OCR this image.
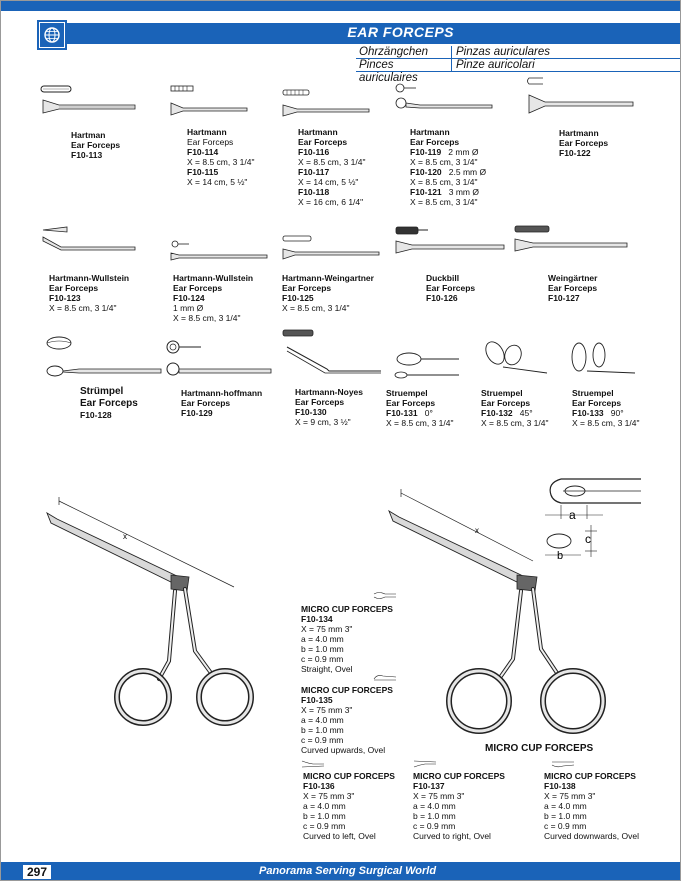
EAR FORCEPS
Ohrzängchen	Pinzas auriculares
Pinces auriculaires
Pinze auricolari
Hartman
Ear Forceps
F10-113
Hartmann
Ear Forceps
F10-114
X = 8.5 cm, 3 1/4"
F10-115
X = 14 cm, 5 ½"
Hartmann
Ear Forceps
F10-116
X = 8.5 cm, 3 1/4"
F10-117
X = 14 cm, 5 ½"
F10-118
X = 16 cm, 6 1/4"
Hartmann
Ear Forceps
F10-119 2 mm Ø
X = 8.5 cm, 3 1/4"
F10-120 2.5 mm Ø
X = 8.5 cm, 3 1/4"
F10-121 3 mm Ø
X = 8.5 cm, 3 1/4"
Hartmann
Ear Forceps
F10-122
Hartmann-Wullstein
Ear Forceps
F10-123
X = 8.5 cm, 3 1/4"
Hartmann-Wullstein
Ear Forceps
F10-124
1 mm Ø
X = 8.5 cm, 3 1/4"
Hartmann-Weingartner
Ear Forceps
F10-125
X = 8.5 cm, 3 1/4"
Duckbill
Ear Forceps
F10-126
Weingärtner
Ear Forceps
F10-127
Strümpel
Ear Forceps
F10-128
Hartmann-hoffmann
Ear Forceps
F10-129
Hartmann-Noyes
Ear Forceps
F10-130
X = 9 cm, 3 ½"
Struempel
Ear Forceps
F10-131 0°
X = 8.5 cm, 3 1/4"
Struempel
Ear Forceps
F10-132 45°
X = 8.5 cm, 3 1/4"
Struempel
Ear Forceps
F10-133 90°
X = 8.5 cm, 3 1/4"
x
x
a
c
b
MICRO CUP FORCEPS
F10-134
X = 75 mm 3"
a = 4.0 mm
b = 1.0 mm
c = 0.9 mm
Straight, Ovel
MICRO CUP FORCEPS
F10-135
X = 75 mm 3"
a = 4.0 mm
b = 1.0 mm
c = 0.9 mm
Curved upwards, Ovel
MICRO CUP FORCEPS
F10-136
X = 75 mm 3"
a = 4.0 mm
b = 1.0 mm
c = 0.9 mm
Curved to left, Ovel
MICRO CUP FORCEPS
F10-137
X = 75 mm 3"
a = 4.0 mm
b = 1.0 mm
c = 0.9 mm
Curved to right, Ovel
MICRO CUP FORCEPS
F10-138
X = 75 mm 3"
a = 4.0 mm
b = 1.0 mm
c = 0.9 mm
Curved downwards, Ovel
MICRO CUP FORCEPS
297	Panorama Serving Surgical World
